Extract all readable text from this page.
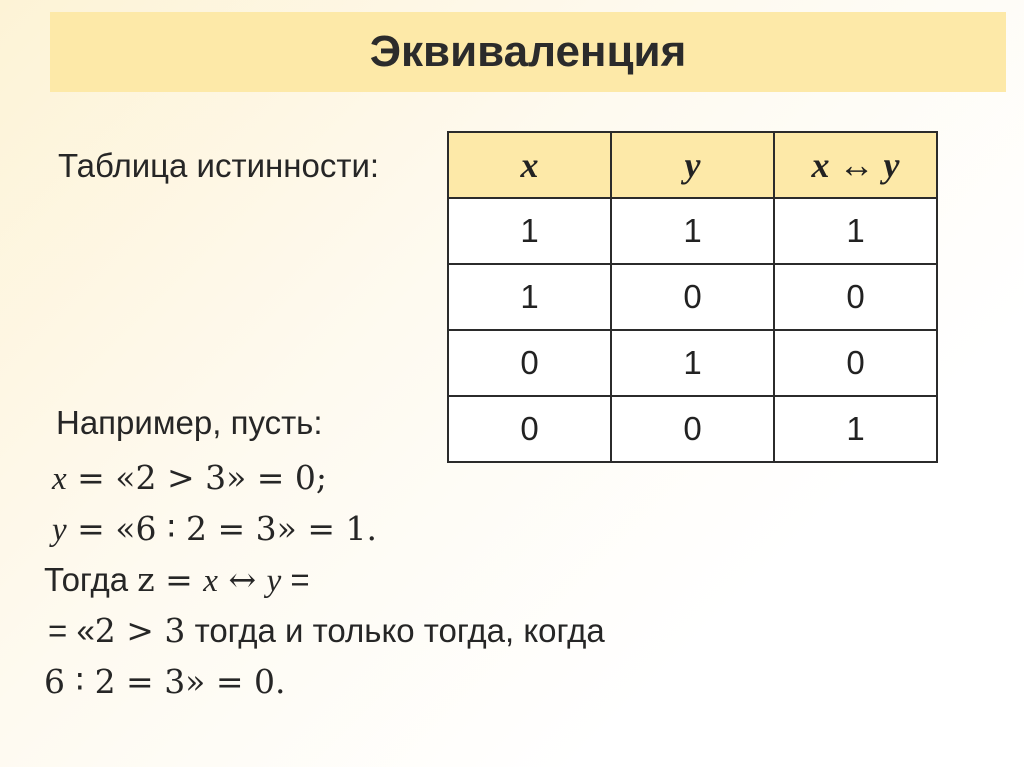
Эквиваленция
Таблица истинности:	x	y	x ↔ y
1	1	1
1	0	0
0	1	0
0	0	1
Например, пусть:
x = «2 > 3» = 0;
y = «6 ∶ 2 = 3» = 1.
Тогда z = x ↔ y =
= «2 > 3 тогда и только тогда, когда
6 ∶ 2 = 3» = 0.
